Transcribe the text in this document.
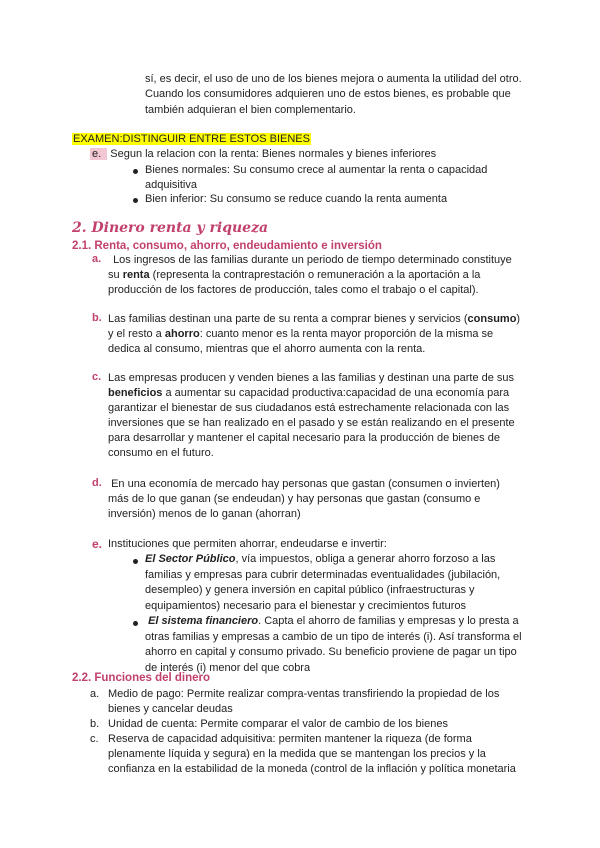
sí, es decir, el uso de uno de los bienes mejora o aumenta la utilidad del otro.
Cuando los consumidores adquieren uno de estos bienes, es probable que
también adquieran el bien complementario.
EXAMEN:DISTINGUIR ENTRE ESTOS BIENES
e. Segun la relacion con la renta: Bienes normales y bienes inferiores
Bienes normales: Su consumo crece al aumentar la renta o capacidad
adquisitiva
Bien inferior: Su consumo se reduce cuando la renta aumenta
2. Dinero renta y riqueza
2.1. Renta, consumo, ahorro, endeudamiento e inversión
a. Los ingresos de las familias durante un periodo de tiempo determinado constituye
su renta (representa la contraprestación o remuneración a la aportación a la
producción de los factores de producción, tales como el trabajo o el capital).
b. Las familias destinan una parte de su renta a comprar bienes y servicios (consumo)
y el resto a ahorro: cuanto menor es la renta mayor proporción de la misma se
dedica al consumo, mientras que el ahorro aumenta con la renta.
c. Las empresas producen y venden bienes a las familias y destinan una parte de sus
beneficios a aumentar su capacidad productiva:capacidad de una economía para
garantizar el bienestar de sus ciudadanos está estrechamente relacionada con las
inversiones que se han realizado en el pasado y se están realizando en el presente
para desarrollar y mantener el capital necesario para la producción de bienes de
consumo en el futuro.
d. En una economía de mercado hay personas que gastan (consumen o invierten)
más de lo que ganan (se endeudan) y hay personas que gastan (consumo e
inversión) menos de lo ganan (ahorran)
e. Instituciones que permiten ahorrar, endeudarse e invertir:
El Sector Público, vía impuestos, obliga a generar ahorro forzoso a las
familias y empresas para cubrir determinadas eventualidades (jubilación,
desempleo) y genera inversión en capital público (infraestructuras y
equipamientos) necesario para el bienestar y crecimientos futuros
El sistema financiero. Capta el ahorro de familias y empresas y lo presta a
otras familias y empresas a cambio de un tipo de interés (i). Así transforma el
ahorro en capital y consumo privado. Su beneficio proviene de pagar un tipo
de interés (i) menor del que cobra
2.2. Funciones del dinero
a. Medio de pago: Permite realizar compra-ventas transfiriendo la propiedad de los
bienes y cancelar deudas
b. Unidad de cuenta: Permite comparar el valor de cambio de los bienes
c. Reserva de capacidad adquisitiva: permiten mantener la riqueza (de forma
plenamente líquida y segura) en la medida que se mantengan los precios y la
confianza en la estabilidad de la moneda (control de la inflación y política monetaria
